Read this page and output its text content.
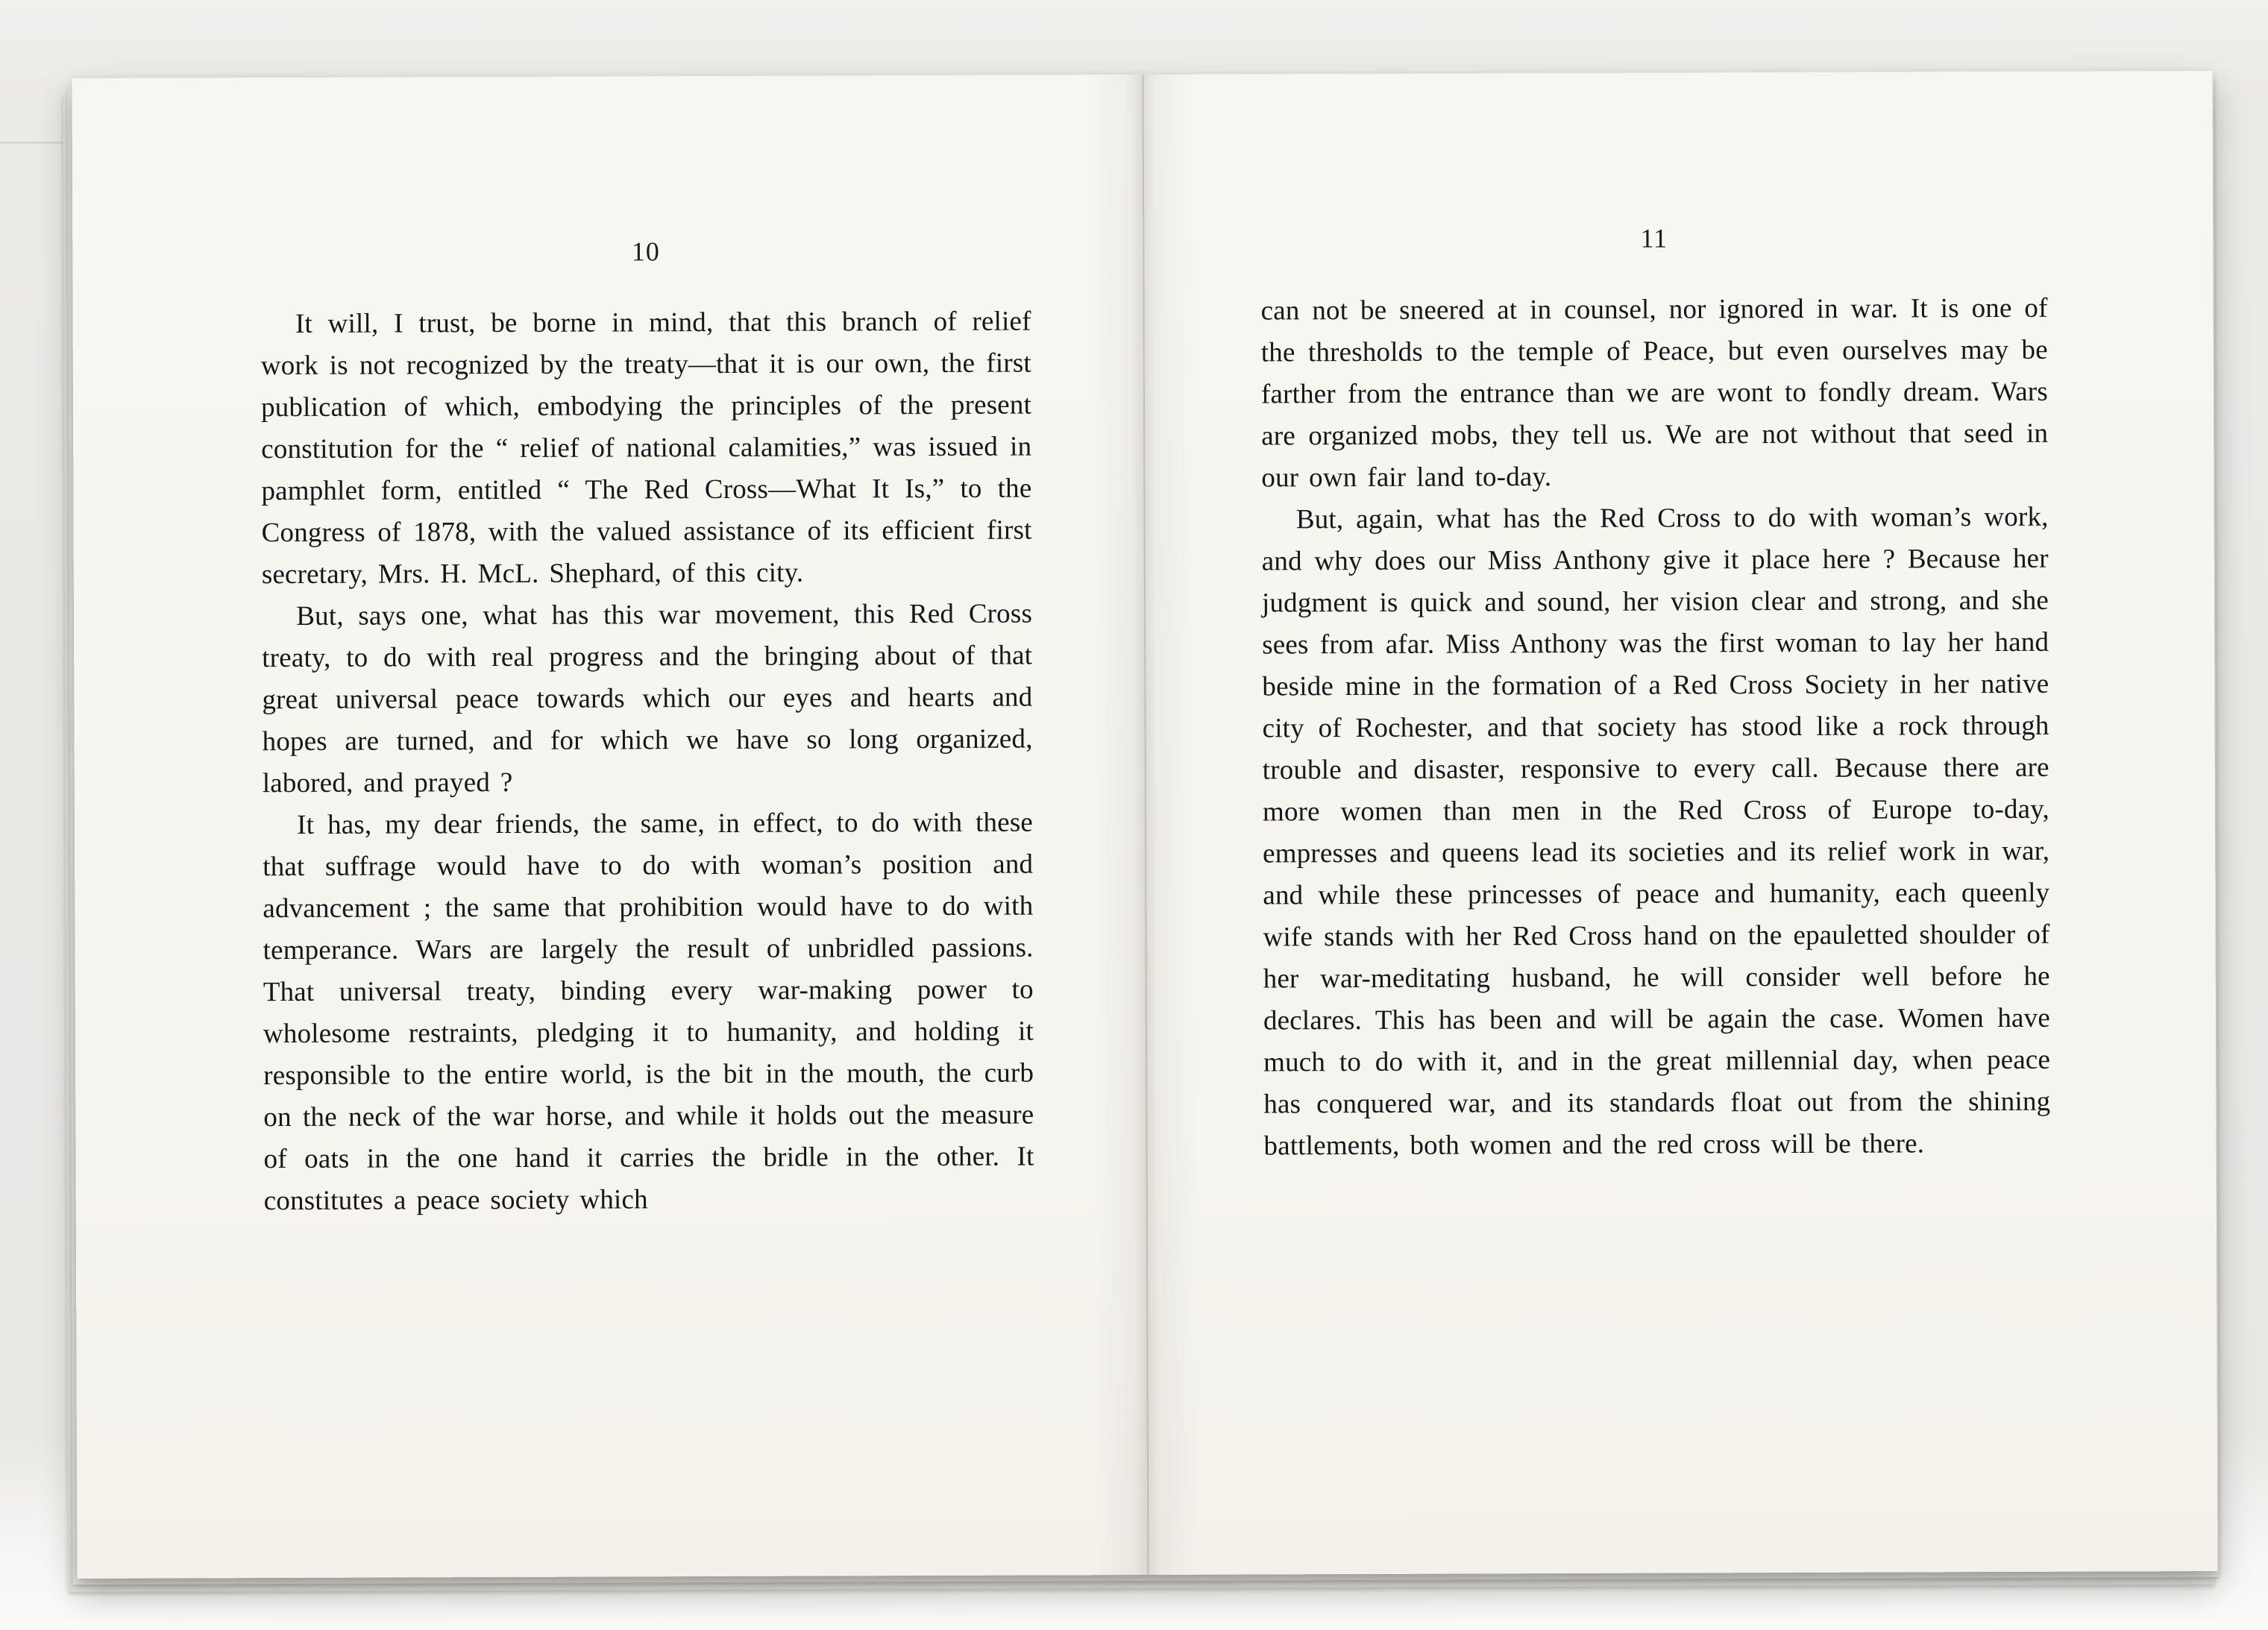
10

It will, I trust, be borne in mind, that this branch of relief work is not recognized by the treaty—that it is our own, the first publication of which, embodying the principles of the present constitution for the “ relief of national calamities,” was issued in pamphlet form, entitled “ The Red Cross—What It Is,” to the Congress of 1878, with the valued assistance of its efficient first secretary, Mrs. H. McL. Shephard, of this city.

But, says one, what has this war movement, this Red Cross treaty, to do with real progress and the bringing about of that great universal peace towards which our eyes and hearts and hopes are turned, and for which we have so long organized, labored, and prayed ?

It has, my dear friends, the same, in effect, to do with these that suffrage would have to do with woman’s position and advancement ; the same that prohibition would have to do with temperance. Wars are largely the result of unbridled passions. That universal treaty, binding every war-making power to wholesome restraints, pledging it to humanity, and holding it responsible to the entire world, is the bit in the mouth, the curb on the neck of the war horse, and while it holds out the measure of oats in the one hand it carries the bridle in the other. It constitutes a peace society which

11

can not be sneered at in counsel, nor ignored in war. It is one of the thresholds to the temple of Peace, but even ourselves may be farther from the entrance than we are wont to fondly dream. Wars are organized mobs, they tell us. We are not without that seed in our own fair land to-day.

But, again, what has the Red Cross to do with woman’s work, and why does our Miss Anthony give it place here ? Because her judgment is quick and sound, her vision clear and strong, and she sees from afar. Miss Anthony was the first woman to lay her hand beside mine in the formation of a Red Cross Society in her native city of Rochester, and that society has stood like a rock through trouble and disaster, responsive to every call. Because there are more women than men in the Red Cross of Europe to-day, empresses and queens lead its societies and its relief work in war, and while these princesses of peace and humanity, each queenly wife stands with her Red Cross hand on the epauletted shoulder of her war-meditating husband, he will consider well before he declares. This has been and will be again the case. Women have much to do with it, and in the great millennial day, when peace has conquered war, and its standards float out from the shining battlements, both women and the red cross will be there.
